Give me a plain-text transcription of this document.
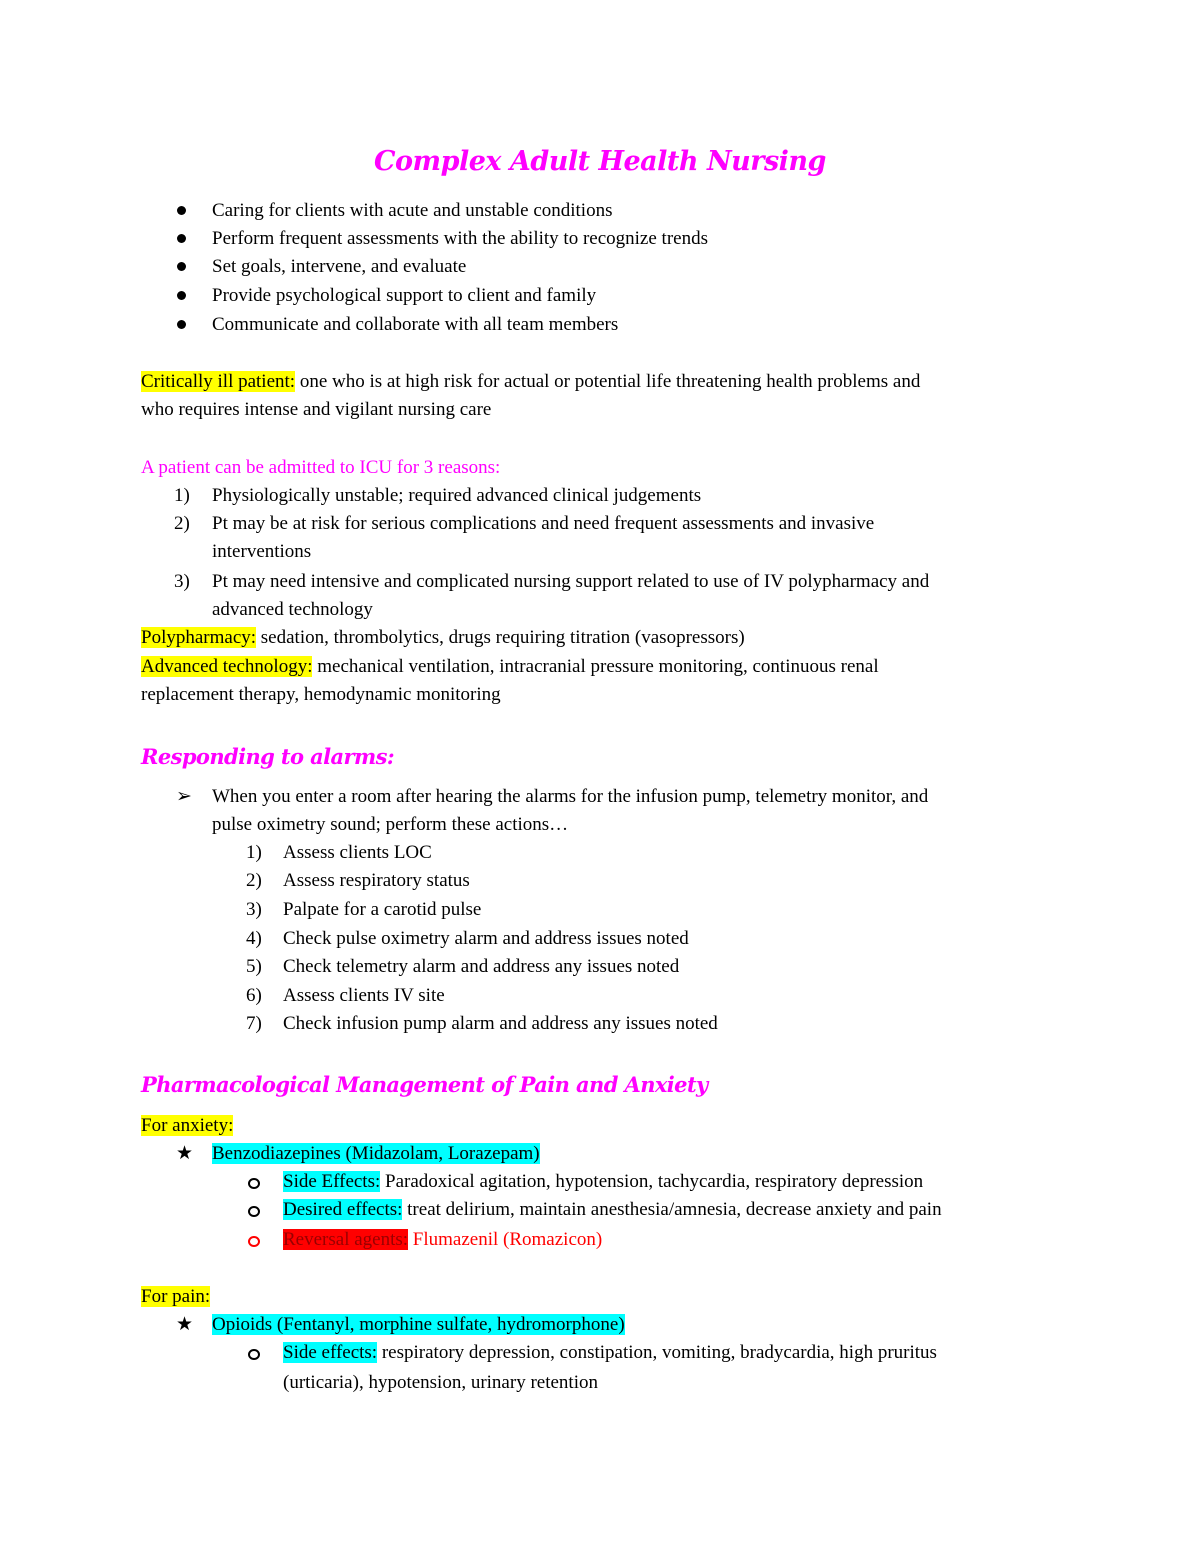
Complex Adult Health Nursing
Caring for clients with acute and unstable conditions
Perform frequent assessments with the ability to recognize trends
Set goals, intervene, and evaluate
Provide psychological support to client and family
Communicate and collaborate with all team members
Critically ill patient: one who is at high risk for actual or potential life threatening health problems and
who requires intense and vigilant nursing care
A patient can be admitted to ICU for 3 reasons:
1) Physiologically unstable; required advanced clinical judgements
2) Pt may be at risk for serious complications and need frequent assessments and invasive
interventions
3) Pt may need intensive and complicated nursing support related to use of IV polypharmacy and
advanced technology
Polypharmacy: sedation, thrombolytics, drugs requiring titration (vasopressors)
Advanced technology: mechanical ventilation, intracranial pressure monitoring, continuous renal
replacement therapy, hemodynamic monitoring
Responding to alarms:
➢ When you enter a room after hearing the alarms for the infusion pump, telemetry monitor, and
pulse oximetry sound; perform these actions…
1) Assess clients LOC
2) Assess respiratory status
3) Palpate for a carotid pulse
4) Check pulse oximetry alarm and address issues noted
5) Check telemetry alarm and address any issues noted
6) Assess clients IV site
7) Check infusion pump alarm and address any issues noted
Pharmacological Management of Pain and Anxiety
For anxiety:
★ Benzodiazepines (Midazolam, Lorazepam)
Side Effects: Paradoxical agitation, hypotension, tachycardia, respiratory depression
Desired effects: treat delirium, maintain anesthesia/amnesia, decrease anxiety and pain
Reversal agents: Flumazenil (Romazicon)
For pain:
★ Opioids (Fentanyl, morphine sulfate, hydromorphone)
Side effects: respiratory depression, constipation, vomiting, bradycardia, high pruritus
(urticaria), hypotension, urinary retention
